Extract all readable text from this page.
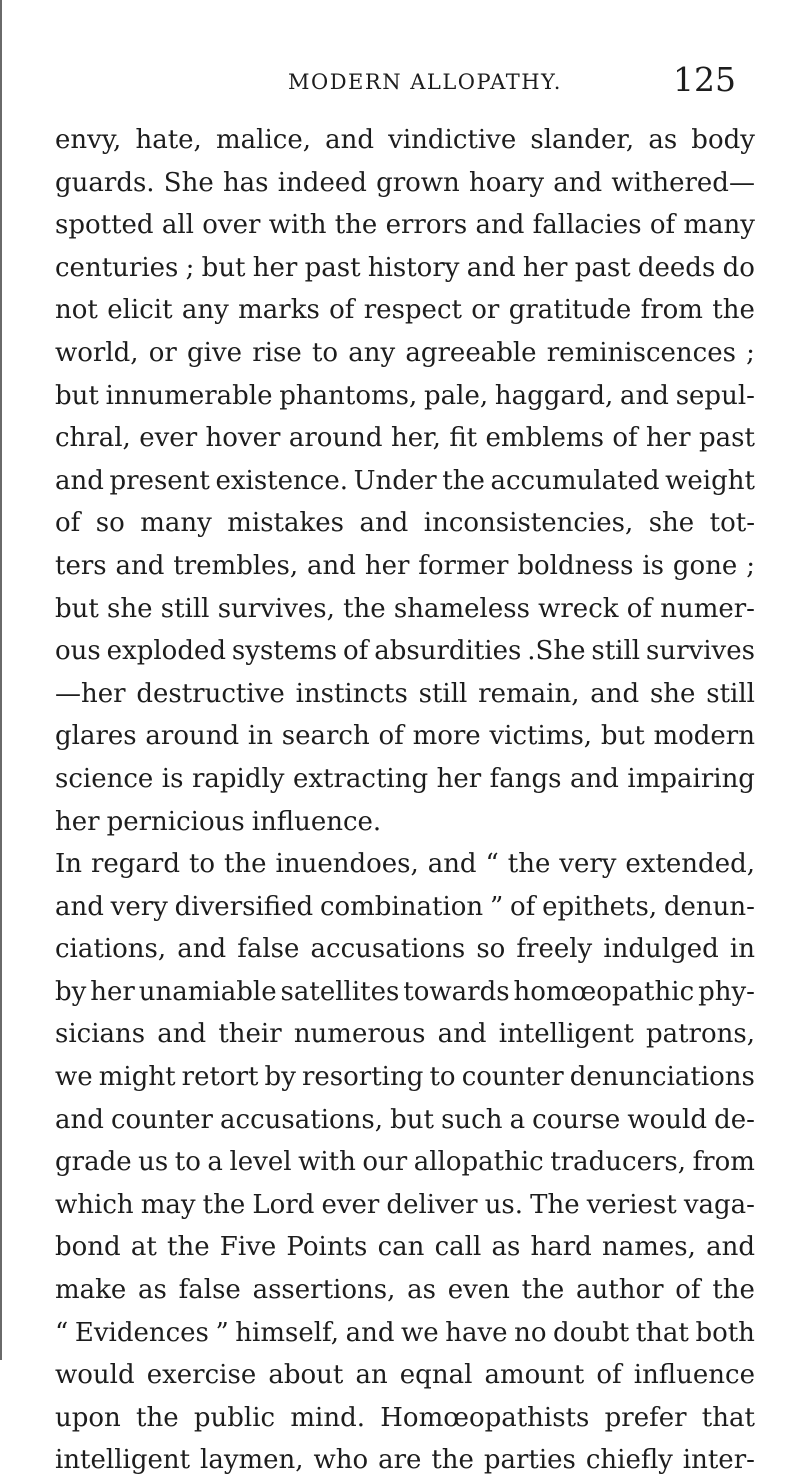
MODERN ALLOPATHY.	125
envy, hate, malice, and vindictive slander, as body
guards. She has indeed grown hoary and withered—
spotted all over with the errors and fallacies of many
centuries ; but her past history and her past deeds do
not elicit any marks of respect or gratitude from the
world, or give rise to any agreeable reminiscences ;
but innumerable phantoms, pale, haggard, and sepul-
chral, ever hover around her, fit emblems of her past
and present existence. Under the accumulated weight
of so many mistakes and inconsistencies, she tot-
ters and trembles, and her former boldness is gone ;
but she still survives, the shameless wreck of numer-
ous exploded systems of absurdities .She still survives
—her destructive instincts still remain, and she still
glares around in search of more victims, but modern
science is rapidly extracting her fangs and impairing
her pernicious influence.
In regard to the inuendoes, and “ the very extended,
and very diversified combination ” of epithets, denun-
ciations, and false accusations so freely indulged in
by her unamiable satellites towards homœopathic phy-
sicians and their numerous and intelligent patrons,
we might retort by resorting to counter denunciations
and counter accusations, but such a course would de-
grade us to a level with our allopathic traducers, from
which may the Lord ever deliver us. The veriest vaga-
bond at the Five Points can call as hard names, and
make as false assertions, as even the author of the
“ Evidences ” himself, and we have no doubt that both
would exercise about an eqnal amount of influence
upon the public mind. Homœopathists prefer that
intelligent laymen, who are the parties chiefly inter-
